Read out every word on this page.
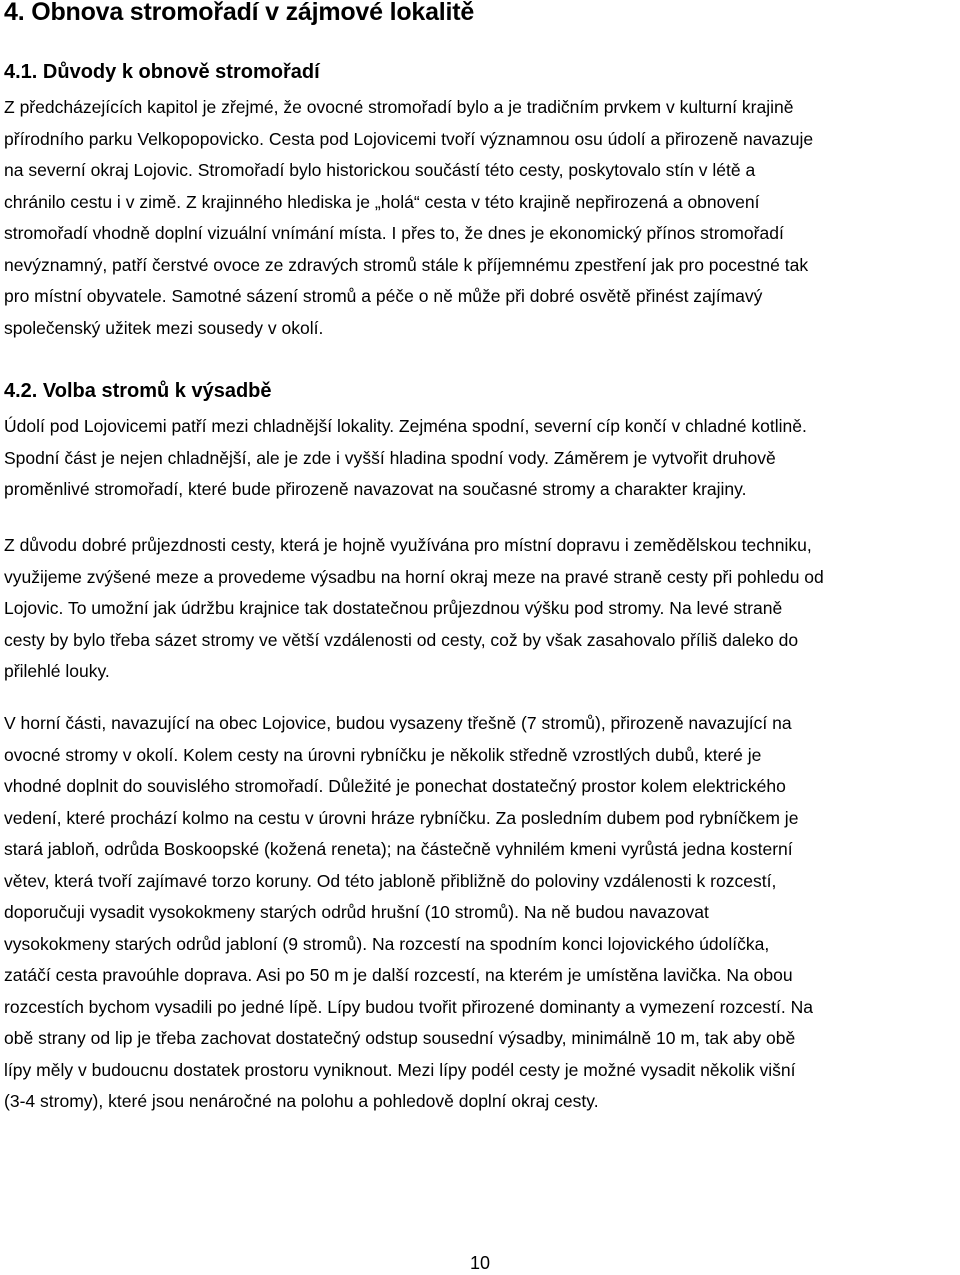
4. Obnova stromořadí v zájmové lokalitě
4.1. Důvody k obnově stromořadí
Z předcházejících kapitol je zřejmé, že ovocné stromořadí bylo a je tradičním prvkem v kulturní krajině
přírodního parku Velkopopovicko. Cesta pod Lojovicemi tvoří významnou osu údolí a přirozeně navazuje
na severní okraj Lojovic. Stromořadí bylo historickou součástí této cesty, poskytovalo stín v létě a
chránilo cestu i v zimě. Z krajinného hlediska je „holá“ cesta v této krajině nepřirozená a obnovení
stromořadí vhodně doplní vizuální vnímání místa. I přes to, že dnes je ekonomický přínos stromořadí
nevýznamný, patří čerstvé ovoce ze zdravých stromů stále k příjemnému zpestření jak pro pocestné tak
pro místní obyvatele. Samotné sázení stromů a péče o ně může při dobré osvětě přinést zajímavý
společenský užitek mezi sousedy v okolí.
4.2. Volba stromů k výsadbě
Údolí pod Lojovicemi patří mezi chladnější lokality. Zejména spodní, severní cíp končí v chladné kotlině.
Spodní část je nejen chladnější, ale je zde i vyšší hladina spodní vody. Záměrem je vytvořit druhově
proměnlivé stromořadí, které bude přirozeně navazovat na současné stromy a charakter krajiny.
Z důvodu dobré průjezdnosti cesty, která je hojně využívána pro místní dopravu i zemědělskou techniku,
využijeme zvýšené meze a provedeme výsadbu na horní okraj meze na pravé straně cesty při pohledu od
Lojovic. To umožní jak údržbu krajnice tak dostatečnou průjezdnou výšku pod stromy. Na levé straně
cesty by bylo třeba sázet stromy ve větší vzdálenosti od cesty, což by však zasahovalo příliš daleko do
přilehlé louky.
V horní části, navazující na obec Lojovice, budou vysazeny třešně (7 stromů), přirozeně navazující na
ovocné stromy v okolí. Kolem cesty na úrovni rybníčku je několik středně vzrostlých dubů, které je
vhodné doplnit do souvislého stromořadí. Důležité je ponechat dostatečný prostor kolem elektrického
vedení, které prochází kolmo na cestu v úrovni hráze rybníčku. Za posledním dubem pod rybníčkem je
stará jabloň, odrůda Boskoopské (kožená reneta); na částečně vyhnilém kmeni vyrůstá jedna kosterní
větev, která tvoří zajímavé torzo koruny. Od této jabloně přibližně do poloviny vzdálenosti k rozcestí,
doporučuji vysadit vysokokmeny starých odrůd hrušní (10 stromů). Na ně budou navazovat
vysokokmeny starých odrůd jabloní (9 stromů). Na rozcestí na spodním konci lojovického údolíčka,
zatáčí cesta pravoúhle doprava. Asi po 50 m je další rozcestí, na kterém je umístěna lavička. Na obou
rozcestích bychom vysadili po jedné lípě. Lípy budou tvořit přirozené dominanty a vymezení rozcestí. Na
obě strany od lip je třeba zachovat dostatečný odstup sousední výsadby, minimálně 10 m, tak aby obě
lípy měly v budoucnu dostatek prostoru vyniknout. Mezi lípy podél cesty je možné vysadit několik višní
(3-4 stromy), které jsou nenáročné na polohu a pohledově doplní okraj cesty.
10
